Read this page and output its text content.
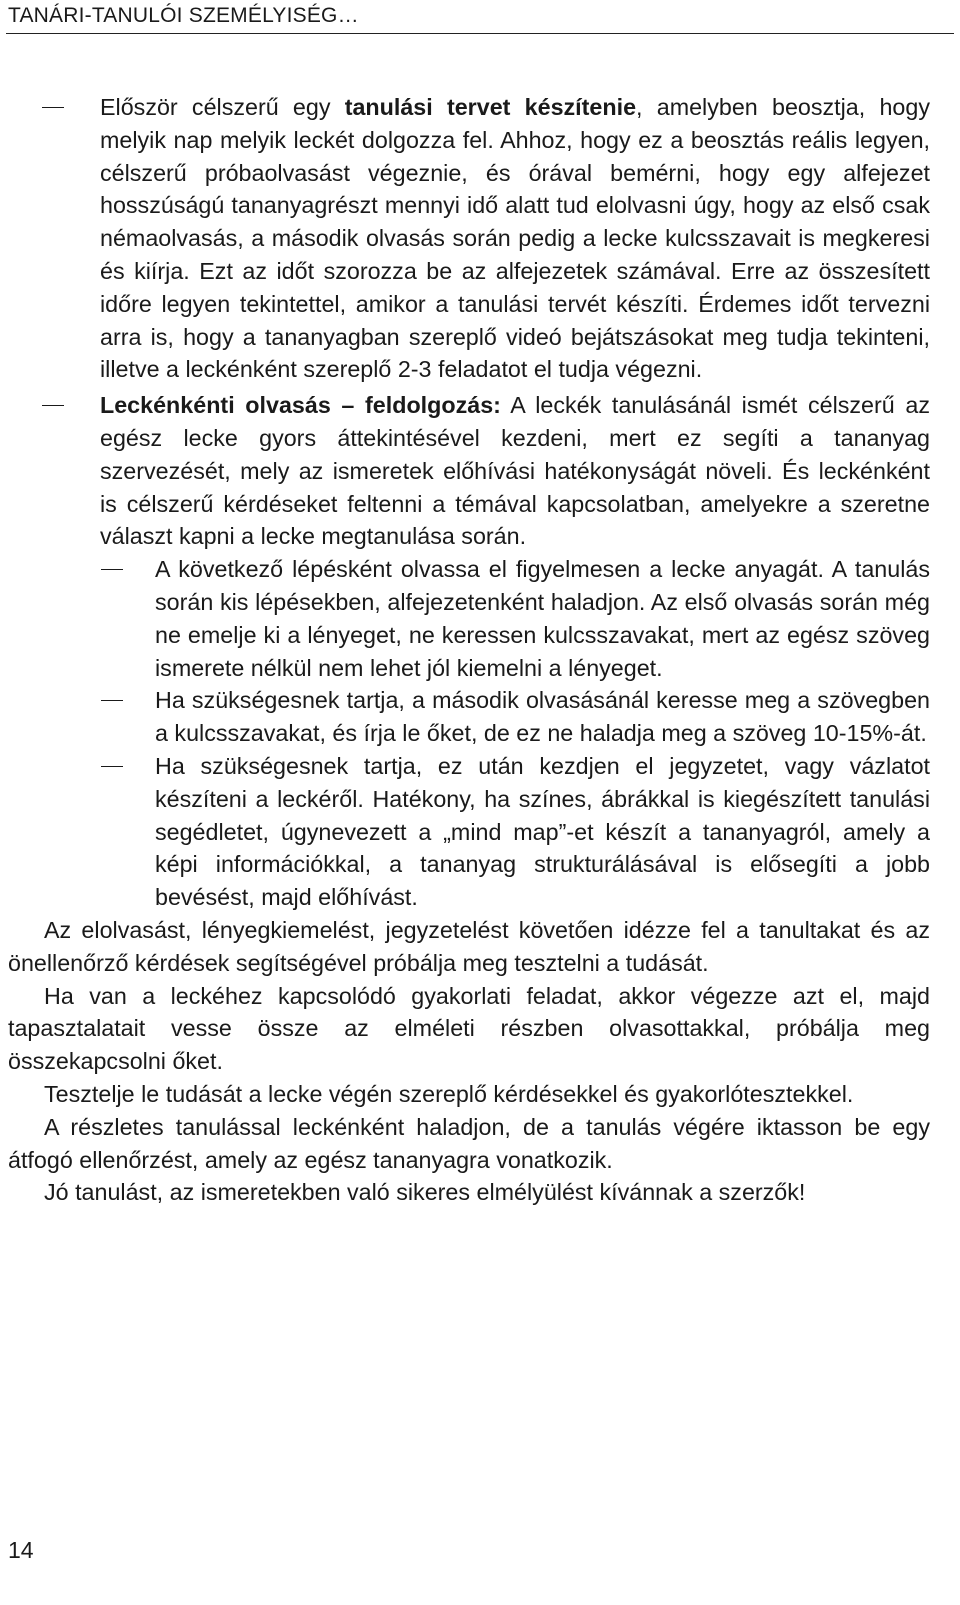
TANÁRI-TANULÓI SZEMÉLYISÉG…
Először célszerű egy tanulási tervet készítenie, amelyben beosztja, hogy melyik nap melyik leckét dolgozza fel. Ahhoz, hogy ez a beosztás reális legyen, célszerű próbaolvasást végeznie, és órával bemérni, hogy egy alfejezet hosszúságú tananyagrészt mennyi idő alatt tud elolvasni úgy, hogy az első csak némaolvasás, a második olvasás során pedig a lecke kulcsszavait is megkeresi és kiírja. Ezt az időt szorozza be az alfejezetek számával. Erre az összesített időre legyen tekintettel, amikor a tanulási tervét készíti. Érdemes időt tervezni arra is, hogy a tananyagban szereplő videó bejátszásokat meg tudja tekinteni, illetve a leckénként szereplő 2-3 feladatot el tudja végezni.
Leckénkénti olvasás – feldolgozás: A leckék tanulásánál ismét célszerű az egész lecke gyors áttekintésével kezdeni, mert ez segíti a tananyag szervezését, mely az ismeretek előhívási hatékonyságát növeli. És leckénként is célszerű kérdéseket feltenni a témával kapcsolatban, amelyekre a szeretne választ kapni a lecke megtanulása során.
A következő lépésként olvassa el figyelmesen a lecke anyagát. A tanulás során kis lépésekben, alfejezetenként haladjon. Az első olvasás során még ne emelje ki a lényeget, ne keressen kulcsszavakat, mert az egész szöveg ismerete nélkül nem lehet jól kiemelni a lényeget.
Ha szükségesnek tartja, a második olvasásánál keresse meg a szövegben a kulcsszavakat, és írja le őket, de ez ne haladja meg a szöveg 10-15%-át.
Ha szükségesnek tartja, ez után kezdjen el jegyzetet, vagy vázlatot készíteni a leckéről. Hatékony, ha színes, ábrákkal is kiegészített tanulási segédletet, úgynevezett a „mind map”-et készít a tananyagról, amely a képi információkkal, a tananyag strukturálásával is elősegíti a jobb bevésést, majd előhívást.
Az elolvasást, lényegkiemelést, jegyzetelést követően idézze fel a tanultakat és az önellenőrző kérdések segítségével próbálja meg tesztelni a tudását.
Ha van a leckéhez kapcsolódó gyakorlati feladat, akkor végezze azt el, majd tapasztalatait vesse össze az elméleti részben olvasottakkal, próbálja meg összekapcsolni őket.
Tesztelje le tudását a lecke végén szereplő kérdésekkel és gyakorlótesztekkel.
A részletes tanulással leckénként haladjon, de a tanulás végére iktasson be egy átfogó ellenőrzést, amely az egész tananyagra vonatkozik.
Jó tanulást, az ismeretekben való sikeres elmélyülést kívánnak a szerzők!
14
